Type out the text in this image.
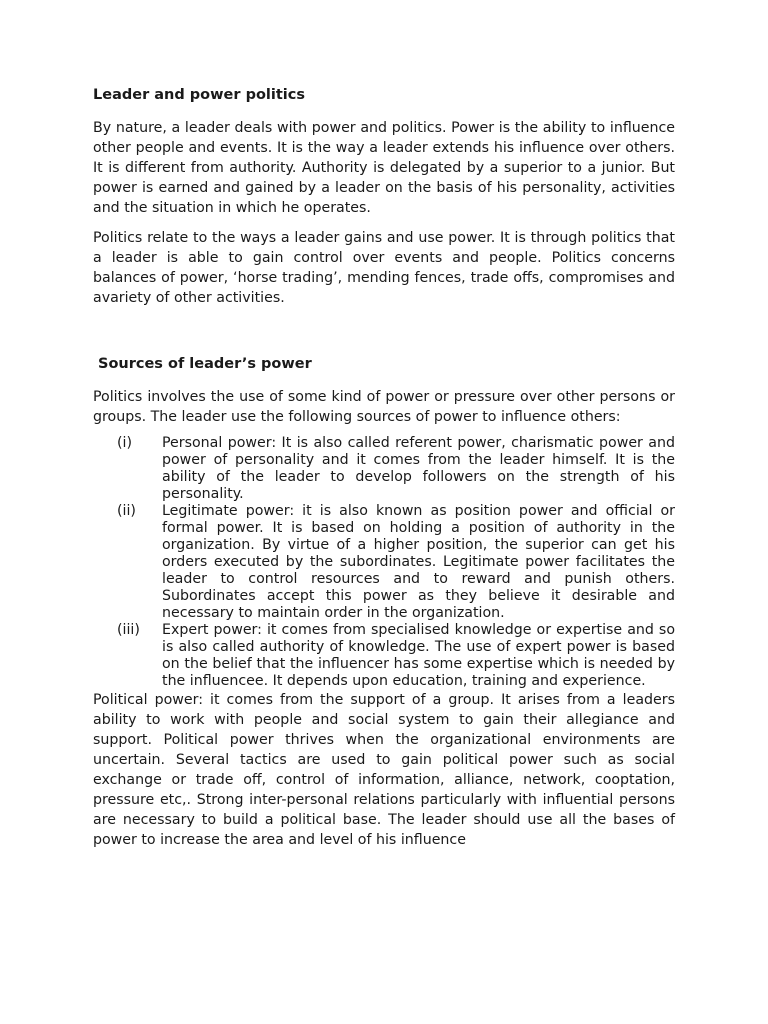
Leader and power politics

By nature, a leader deals with power and politics. Power is the ability to influence other people and events. It is the way a leader extends his influence over others. It is different from authority. Authority is delegated by a superior to a junior. But power is earned and gained by a leader on the basis of his personality, activities and the situation in which he operates.

Politics relate to the ways a leader gains and use power. It is through politics that a leader is able to gain control over events and people. Politics concerns balances of power, ‘horse trading’, mending fences, trade offs, compromises and avariety of other activities.

Sources of leader’s power

Politics involves the use of some kind of power or pressure over other persons or groups. The leader use the following sources of power to influence others:

(i)	Personal power: It is also called referent power, charismatic power and power of personality and it comes from the leader himself. It is the ability of the leader to develop followers on the strength of his personality.
(ii)	Legitimate power: it is also known as position power and official or formal power. It is based on holding a position of authority in the organization. By virtue of a higher position, the superior can get his orders executed by the subordinates. Legitimate power facilitates the leader to control resources and to reward and punish others. Subordinates accept this power as they believe it desirable and necessary to maintain order in the organization.
(iii)	Expert power: it comes from specialised knowledge or expertise and so is also called authority of knowledge. The use of expert power is based on the belief that the influencer has some expertise which is needed by the influencee. It depends upon education, training and experience.

Political power: it comes from the support of a group. It arises from a leaders ability to work with people and social system to gain their allegiance and support. Political power thrives when the organizational environments are uncertain. Several tactics are used to gain political power such as social exchange or trade off, control of information, alliance, network, cooptation, pressure etc,. Strong inter-personal relations particularly with influential persons are necessary to build a political base. The leader should use all the bases of power to increase the area and level of his influence
